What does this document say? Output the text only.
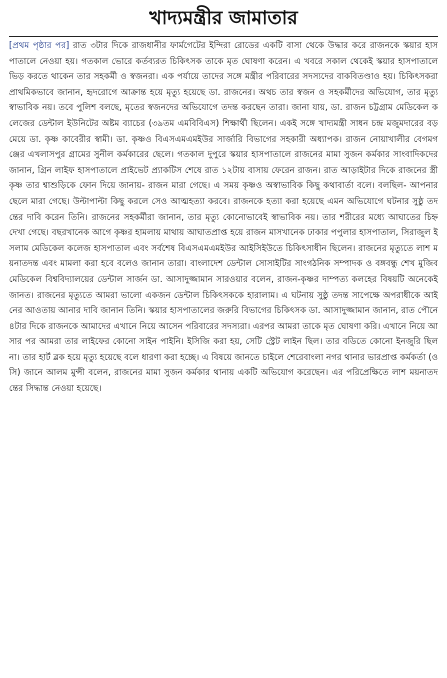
খাদ্যমন্ত্রীর জামাতার

[প্রথম পৃষ্ঠার পর] রাত ৩টার দিকে রাজধানীর ফার্মগেটের ইন্দিরা রোডের একটি বাসা থেকে উদ্ধার করে রাজনকে স্কয়ার হাসপাতালে নেওয়া হয়। গতকাল ভোরে কর্তব্যরত চিকিৎসক তাকে মৃত ঘোষণা করেন। এ খবরে সকাল থেকেই স্কয়ার হাসপাতালে ভিড় করতে থাকেন তার সহকর্মী ও স্বজনরা। এক পর্যায়ে তাদের সঙ্গে মন্ত্রীর পরিবারের সদস্যদের বাকবিতণ্ডাও হয়। চিকিৎসকরা প্রাথমিকভাবে জানান, হৃদরোগে আক্রান্ত হয়ে মৃত্যু হয়েছে ডা. রাজনের। অথচ তার স্বজন ও সহকর্মীদের অভিযোগ, তার মৃত্যু স্বাভাবিক নয়। তবে পুলিশ বলছে, মৃতের স্বজনদের অভিযোগে তদন্ত করছেন তারা। জানা যায়, ডা. রাজন চট্টগ্রাম মেডিকেল কলেজের ডেন্টাল ইউনিটের অষ্টম ব্যাচের (৩৯তম এমবিবিএস) শিক্ষার্থী ছিলেন। একই সঙ্গে খাদ্যমন্ত্রী সাধন চন্দ্র মজুমদারের বড় মেয়ে ডা. কৃষ্ণ কাবেরীর স্বামী। ডা. কৃষ্ণও বিএসএমএমইউর সার্জারি বিভাগের সহকারী অধ্যাপক। রাজন নোয়াখালীর বেগমগঞ্জের এখলাসপুর গ্রামের সুনীল কর্মকারের ছেলে। গতকাল দুপুরে স্কয়ার হাসপাতালে রাজনের মামা সুজন কর্মকার সাংবাদিকদের জানান, গ্রিন লাইফ হাসপাতালে প্রাইভেট প্র্যাকটিস শেষে রাত ১২টায় বাসায় ফেরেন রাজন। রাত আড়াইটার দিকে রাজনের স্ত্রী কৃষ্ণ তার শ্বাশুড়িকে ফোন দিয়ে জানায়- রাজন মারা গেছে। এ সময় কৃষ্ণও অস্বাভাবিক কিছু কথাবার্তা বলে। বলছিল- আপনার ছেলে মারা গেছে। উল্টাপাল্টা কিছু করলে সেও আত্মহত্যা করবে। রাজনকে হত্যা করা হয়েছে এমন অভিযোগে ঘটনার সুষ্ঠু তদন্তের দাবি করেন তিনি। রাজনের সহকর্মীরা জানান, তার মৃত্যু কোনোভাবেই স্বাভাবিক নয়। তার শরীরের মধ্যে আঘাতের চিহ্ন দেখা গেছে। বছরখানেক আগে কৃষ্ণর হামলায় মাথায় আঘাতপ্রাপ্ত হয়ে রাজন মাসখানেক ঢাকার পপুলার হাসপাতাল, সিরাজুল ইসলাম মেডিকেল কলেজ হাসপাতাল এবং সর্বশেষ বিএসএমএমইউর আইসিইউতে চিকিৎসাধীন ছিলেন। রাজনের মৃত্যুতে লাশ ময়নাতদন্ত এবং মামলা করা হবে বলেও জানান তারা। বাংলাদেশ ডেন্টাল সোসাইটির সাংগঠনিক সম্পাদক ও বঙ্গবন্ধু শেখ মুজিব মেডিকেল বিশ্ববিদ্যালয়ের ডেন্টাল সার্জন ডা. আসাদুজ্জামান সারওয়ার বলেন, রাজন-কৃষ্ণর দাম্পত্য কলহের বিষয়টি অনেকেই জানত। রাজনের মৃত্যুতে আমরা ভালো একজন ডেন্টাল চিকিৎসককে হারালাম। এ ঘটনায় সুষ্ঠু তদন্ত সাপেক্ষে অপরাধীকে আইনের আওতায় আনার দাবি জানান তিনি। স্কয়ার হাসপাতালের জরুরি বিভাগের চিকিৎসক ডা. আসাদুজ্জামান জানান, রাত পৌনে ৪টার দিকে রাজনকে আমাদের এখানে নিয়ে আসেন পরিবারের সদস্যরা। এরপর আমরা তাকে মৃত ঘোষণা করি। এখানে নিয়ে আসার পর আমরা তার লাইফের কোনো সাইন পাইনি। ইসিজি করা হয়, সেটি স্ট্রেট লাইন ছিল। তার বডিতে কোনো ইনজুরি ছিল না। তার হার্ট ব্লক হয়ে মৃত্যু হয়েছে বলে ধারণা করা হচ্ছে। এ বিষয়ে জানতে চাইলে শেরেবাংলা নগর থানার ভারপ্রাপ্ত কর্মকর্তা (ওসি) জানে আলম মুন্সী বলেন, রাজনের মামা সুজন কর্মকার থানায় একটি অভিযোগ করেছেন। এর পরিপ্রেক্ষিতে লাশ ময়নাতদন্তের সিদ্ধান্ত নেওয়া হয়েছে।
